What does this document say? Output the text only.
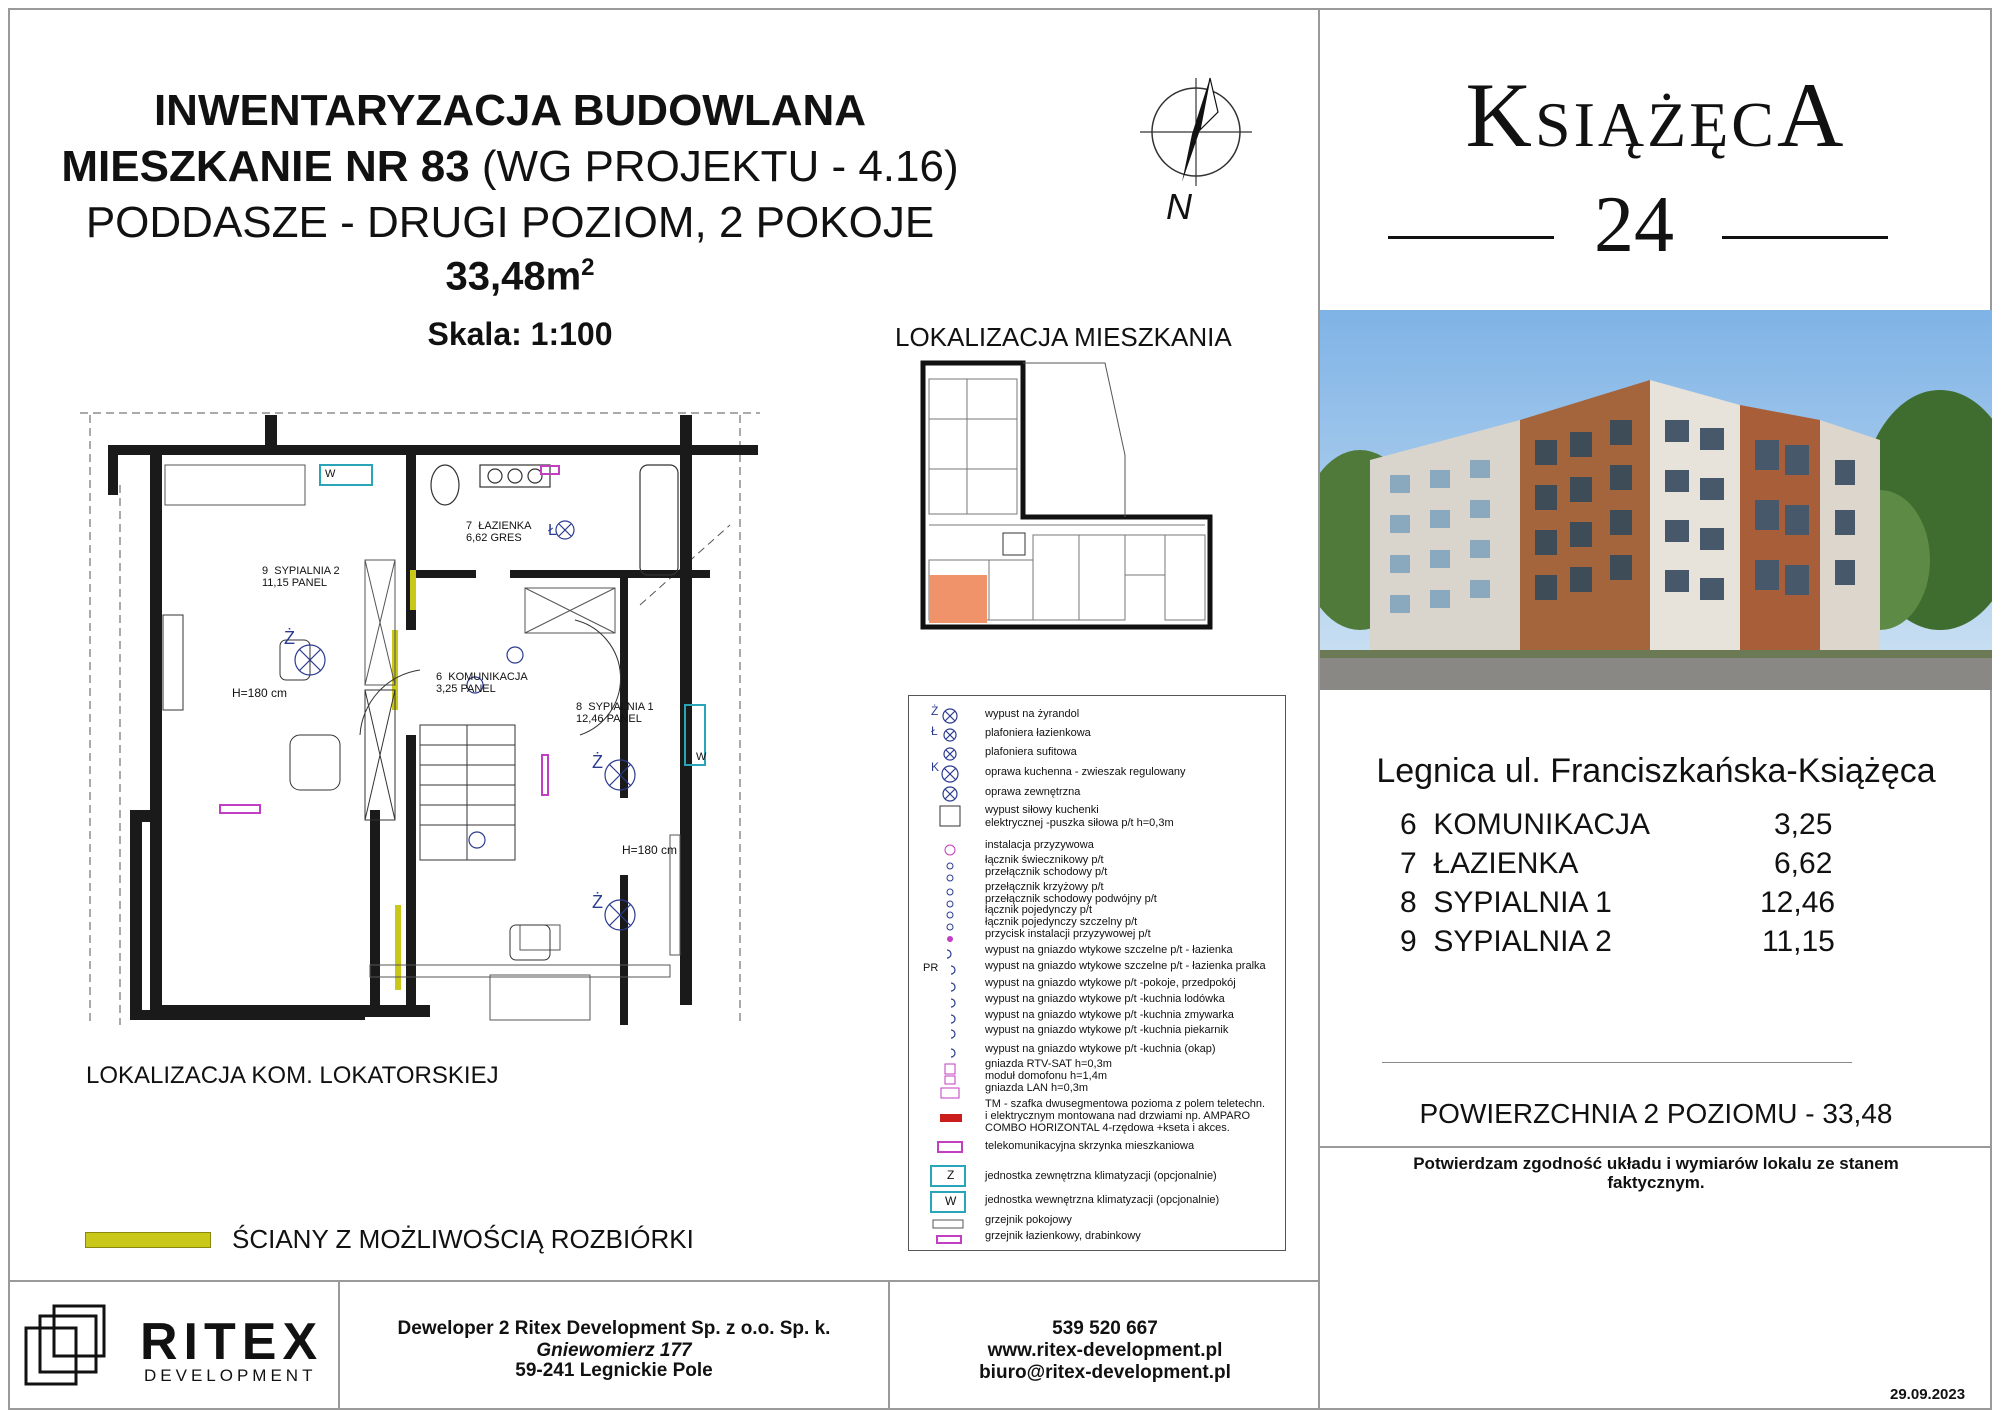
INWENTARYZACJA BUDOWLANA
MIESZKANIE NR 83 (WG PROJEKTU - 4.16)
PODDASZE - DRUGI POZIOM, 2 POKOJE
$33,48m^2$
Skala: 1:100
N
LOKALIZACJA MIESZKANIA
9 SYPIALNIA 2
11,15 PANEL
7 ŁAZIENKA
6,62 GRES
6 KOMUNIKACJA
3,25 PANEL
8 SYPIALNIA 1
12,46 PANEL
H=180 cm
H=180 cm
Ż
Ż
Ż
Ł
W
W
LOKALIZACJA KOM. LOKATORSKIEJ
ŚCIANY Z MOŻLIWOŚCIĄ ROZBIÓRKI
wypust na żyrandol
plafoniera łazienkowa
plafoniera sufitowa
oprawa kuchenna - zwieszak regulowany
oprawa zewnętrzna
wypust siłowy kuchenki
elektrycznej -puszka siłowa p/t h=0,3m
instalacja przyzywowa
łącznik świecznikowy p/t
przełącznik schodowy p/t
przełącznik krzyżowy p/t
przełącznik schodowy podwójny p/t
łącznik pojedynczy p/t
łącznik pojedynczy szczelny p/t
przycisk instalacji przyzywowej p/t
wypust na gniazdo wtykowe szczelne p/t - łazienka
wypust na gniazdo wtykowe szczelne p/t - łazienka pralka
wypust na gniazdo wtykowe p/t -pokoje, przedpokój
wypust na gniazdo wtykowe p/t -kuchnia lodówka
wypust na gniazdo wtykowe p/t -kuchnia zmywarka
wypust na gniazdo wtykowe p/t -kuchnia piekarnik
wypust na gniazdo wtykowe p/t -kuchnia (okap)
gniazda RTV-SAT h=0,3m
moduł domofonu h=1,4m
gniazda LAN h=0,3m
TM - szafka dwusegmentowa pozioma z polem teletechn.
i elektrycznym montowana nad drzwiami np. AMPARO
COMBO HORIZONTAL 4-rzędowa +kseta i akces.
telekomunikacyjna skrzynka mieszkaniowa
jednostka zewnętrzna klimatyzacji (opcjonalnie)
jednostka wewnętrzna klimatyzacji (opcjonalnie)
grzejnik pokojowy
grzejnik łazienkowy, drabinkowy
Ż
Ł
K
PR
Z
W
KsiążęcA
24
Legnica ul. Franciszkańska-Książęca
6 KOMUNIKACJA	3,25
7 ŁAZIENKA	6,62
8 SYPIALNIA 1	12,46
9 SYPIALNIA 2	11,15
POWIERZCHNIA 2 POZIOMU - 33,48
Potwierdzam zgodność układu i wymiarów lokalu ze stanem
faktycznym.
RITEX
DEVELOPMENT
Deweloper 2 Ritex Development Sp. z o.o. Sp. k.
Gniewomierz 177
59-241 Legnickie Pole
539 520 667
www.ritex-development.pl
biuro@ritex-development.pl
29.09.2023
